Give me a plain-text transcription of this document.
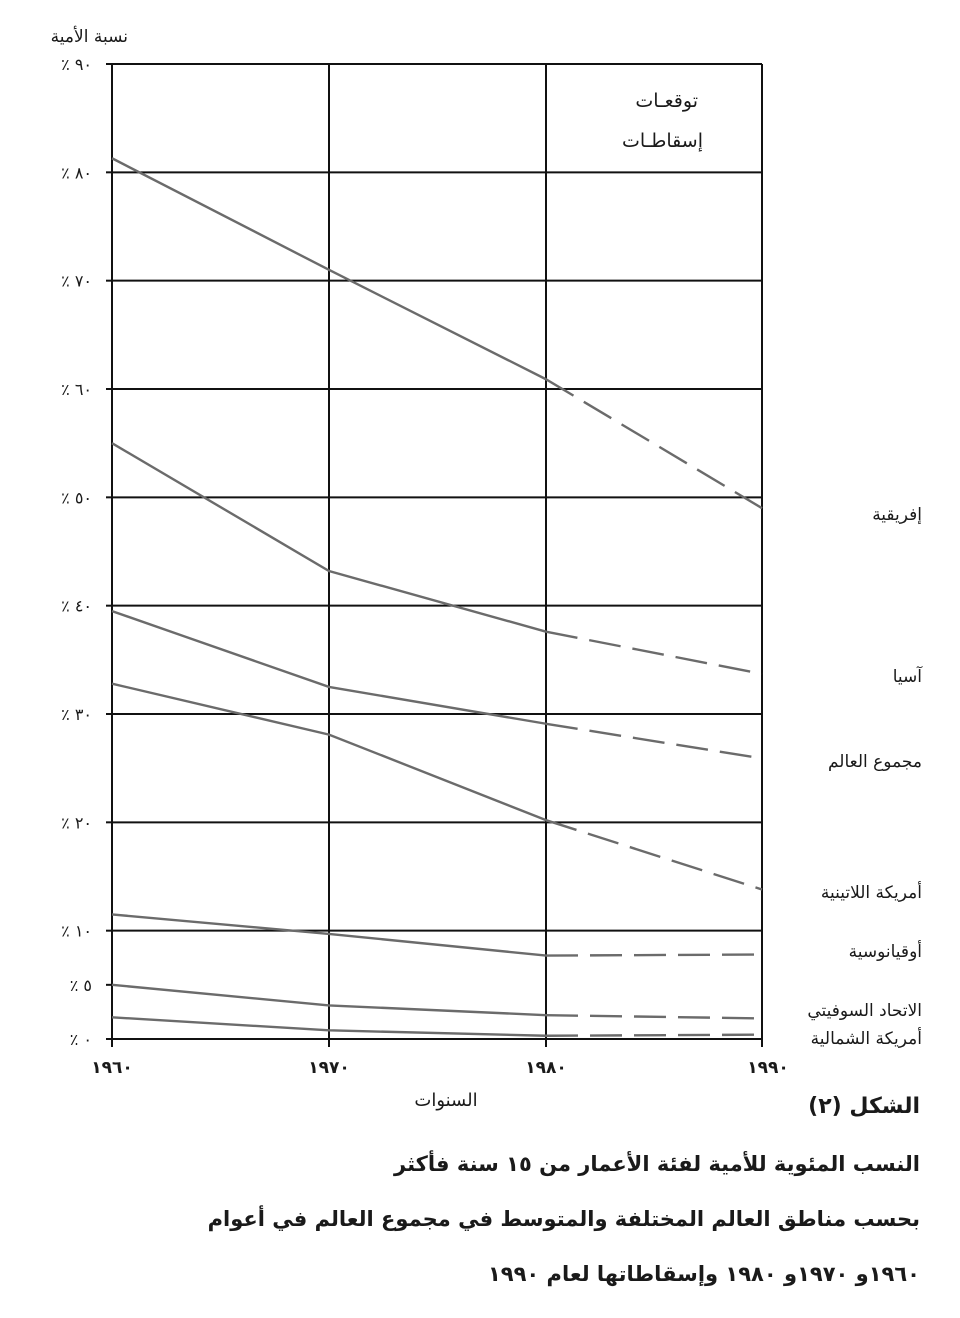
نسبة الأمية
٪ ٩٠
٪ ٨٠
٪ ٧٠
٪ ٦٠
٪ ٥٠
٪ ٤٠
٪ ٣٠
٪ ٢٠
٪ ١٠
٪ ٥
٪ ٠
١٩٦٠	١٩٧٠	١٩٨٠	١٩٩٠
إفريقية
آسيا
مجموع العالم
أمريكة اللاتينية
أوقيانوسية
الاتحاد السوفيتي
أمريكة الشمالية
توقعـات
إسقاطـات
السنوات	الشكل (٢)
النسب المئوية للأمية لفئة الأعمار من ١٥ سنة فأكثر
بحسب مناطق العالم المختلفة والمتوسط في مجموع العالم في أعوام
١٩٦٠و ١٩٧٠و ١٩٨٠ وإسقاطاتها لعام ١٩٩٠
